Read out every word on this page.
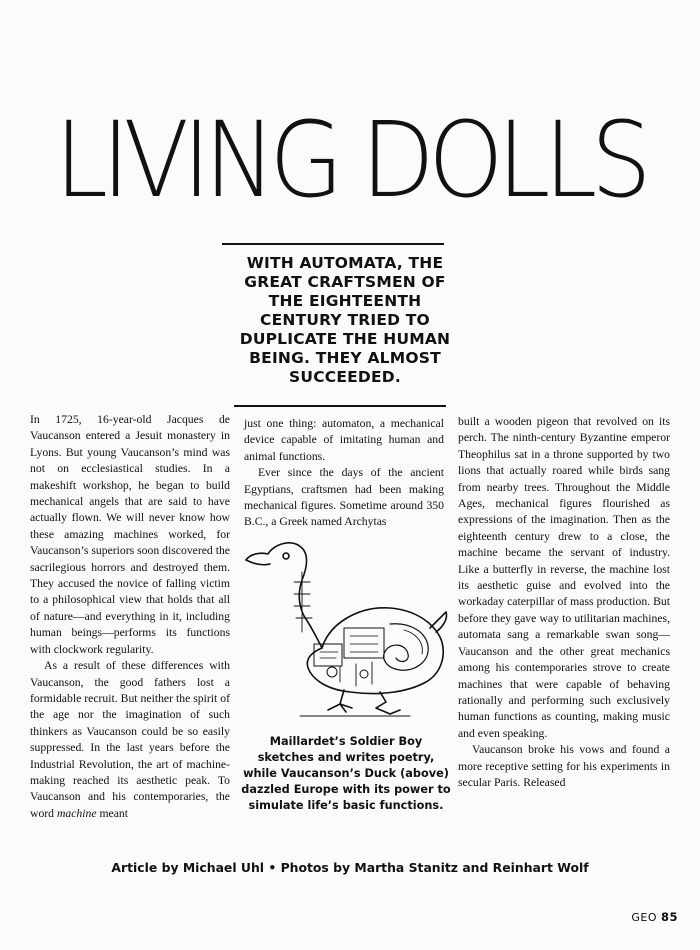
LIVING DOLLS
WITH AUTOMATA, THE GREAT CRAFTSMEN OF THE EIGHTEENTH CENTURY TRIED TO DUPLICATE THE HUMAN BEING. THEY ALMOST SUCCEEDED.

In 1725, 16-year-old Jacques de Vaucanson entered a Jesuit monastery in Lyons. But young Vaucanson’s mind was not on ecclesiastical studies. In a makeshift workshop, he began to build mechanical angels that are said to have actually flown. We will never know how these amazing machines worked, for Vaucanson’s superiors soon discovered the sacrilegious horrors and destroyed them. They accused the novice of falling victim to a philosophical view that holds that all of nature—and everything in it, including human beings—performs its functions with clockwork regularity.

As a result of these differences with Vaucanson, the good fathers lost a formidable recruit. But neither the spirit of the age nor the imagination of such thinkers as Vaucanson could be so easily suppressed. In the last years before the Industrial Revolution, the art of machine-making reached its aesthetic peak. To Vaucanson and his contemporaries, the word machine meant

just one thing: automaton, a mechanical device capable of imitating human and animal functions.

Ever since the days of the ancient Egyptians, craftsmen had been making mechanical figures. Sometime around 350 B.C., a Greek named Archytas

Maillardet’s Soldier Boy sketches and writes poetry, while Vaucanson’s Duck (above) dazzled Europe with its power to simulate life’s basic functions.

built a wooden pigeon that revolved on its perch. The ninth-century Byzantine emperor Theophilus sat in a throne supported by two lions that actually roared while birds sang from nearby trees. Throughout the Middle Ages, mechanical figures flourished as expressions of the imagination. Then as the eighteenth century drew to a close, the machine became the servant of industry. Like a butterfly in reverse, the machine lost its aesthetic guise and evolved into the workaday caterpillar of mass production. But before they gave way to utilitarian machines, automata sang a remarkable swan song—Vaucanson and the other great mechanics among his contemporaries strove to create machines that were capable of behaving rationally and performing such exclusively human functions as counting, making music and even speaking.

Vaucanson broke his vows and found a more receptive setting for his experiments in secular Paris. Released

Article by Michael Uhl • Photos by Martha Stanitz and Reinhart Wolf
GEO 85
